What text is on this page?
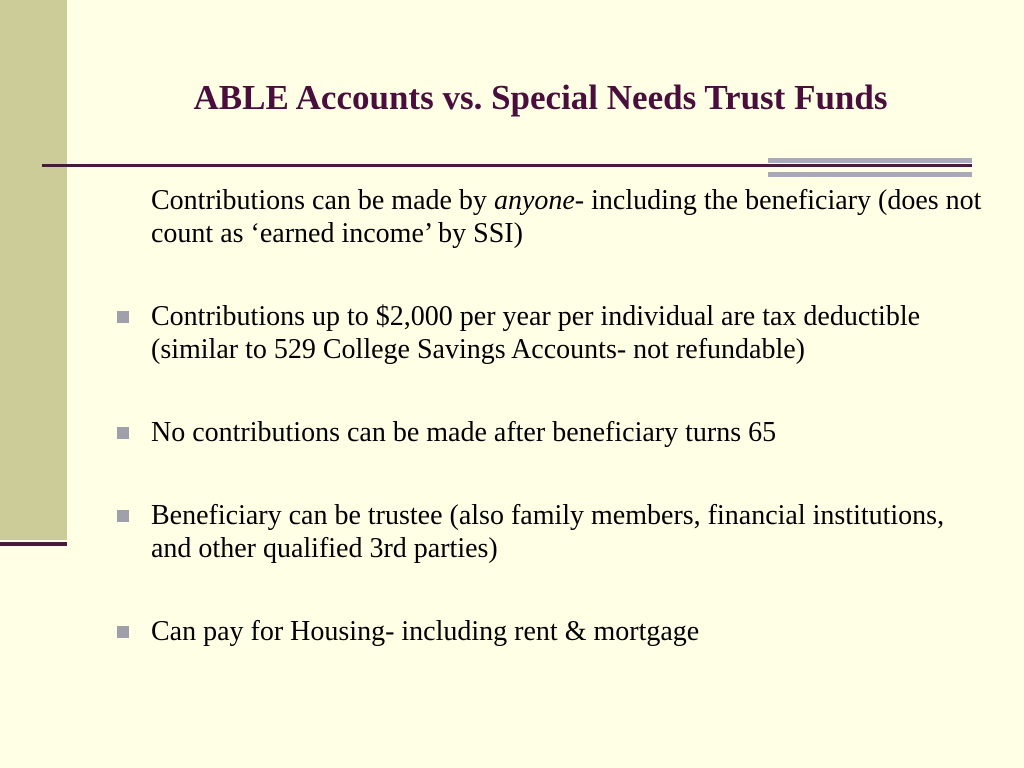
ABLE Accounts vs. Special Needs Trust Funds
Contributions can be made by anyone- including the beneficiary (does not count as ‘earned income’ by SSI)
Contributions up to $2,000 per year per individual are tax deductible (similar to 529 College Savings Accounts- not refundable)
No contributions can be made after beneficiary turns 65
Beneficiary can be trustee (also family members, financial institutions, and other qualified 3rd parties)
Can pay for Housing- including rent & mortgage
